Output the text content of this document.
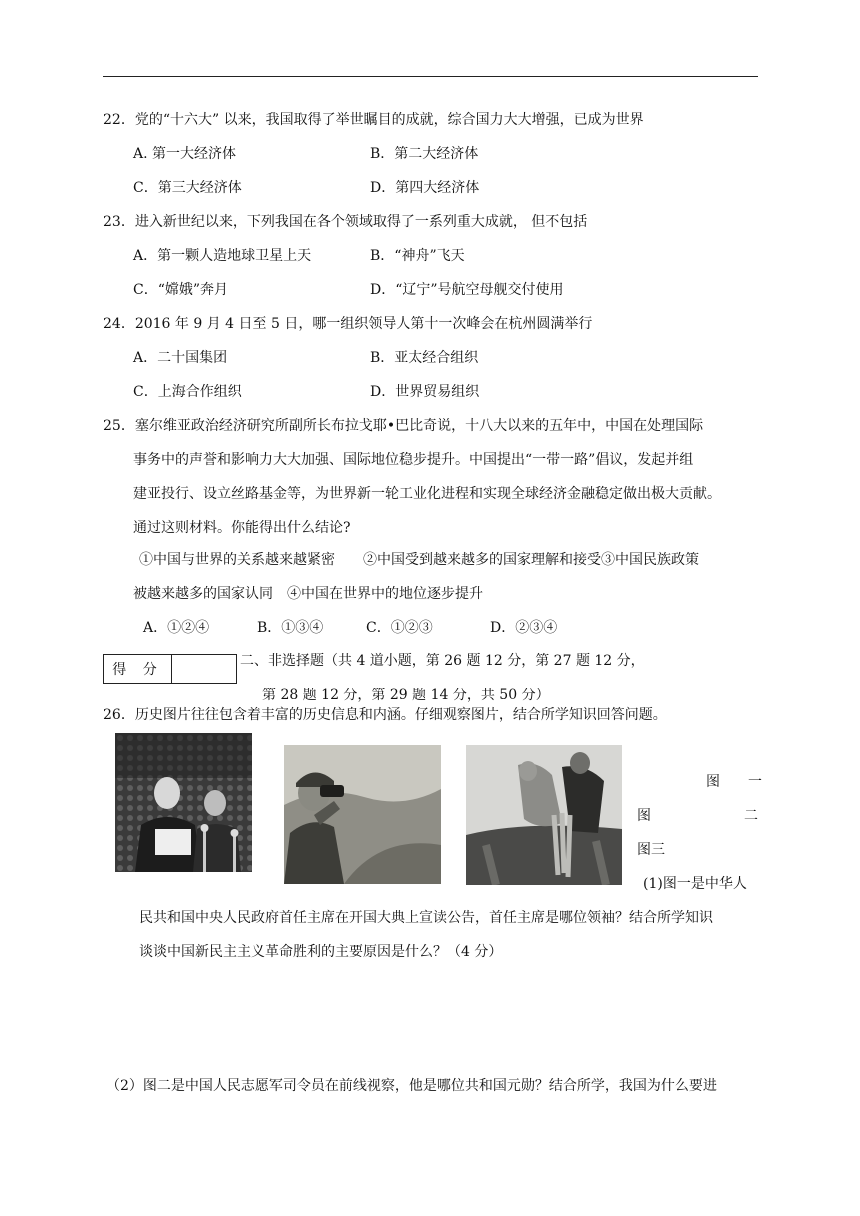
22．党的“十六大” 以来，我国取得了举世瞩目的成就，综合国力大大增强，已成为世界
A. 第一大经济体	B．第二大经济体
C．第三大经济体	D．第四大经济体
23．进入新世纪以来，下列我国在各个领域取得了一系列重大成就， 但不包括
A．第一颗人造地球卫星上天	B．“神舟”飞天
C．“嫦娥”奔月	D．“辽宁”号航空母舰交付使用
24．2016 年 9 月 4 日至 5 日，哪一组织领导人第十一次峰会在杭州圆满举行
A．二十国集团	B．亚太经合组织
C．上海合作组织	D．世界贸易组织
25．塞尔维亚政治经济研究所副所长布拉戈耶•巴比奇说，十八大以来的五年中，中国在处理国际
事务中的声誉和影响力大大加强、国际地位稳步提升。中国提出“一带一路”倡议，发起并组
建亚投行、设立丝路基金等，为世界新一轮工业化进程和实现全球经济金融稳定做出极大贡献。
通过这则材料。你能得出什么结论?
①中国与世界的关系越来越紧密　　②中国受到越来越多的国家理解和接受③中国民族政策
被越来越多的国家认同　④中国在世界中的地位逐步提升
A．①②④	B．①③④	C．①②③	D．②③④
得 分
二、非选择题（共 4 道小题，第 26 题 12 分，第 27 题 12 分，
第 28 题 12 分，第 29 题 14 分，共 50 分）
26．历史图片往往包含着丰富的历史信息和内涵。仔细观察图片，结合所学知识回答问题。
图　　一
图	二
图三
(1)图一是中华人
民共和国中央人民政府首任主席在开国大典上宣读公告，首任主席是哪位领袖？结合所学知识
谈谈中国新民主主义革命胜利的主要原因是什么？（4 分）
（2）图二是中国人民志愿军司令员在前线视察，他是哪位共和国元勋？结合所学，我国为什么要进
